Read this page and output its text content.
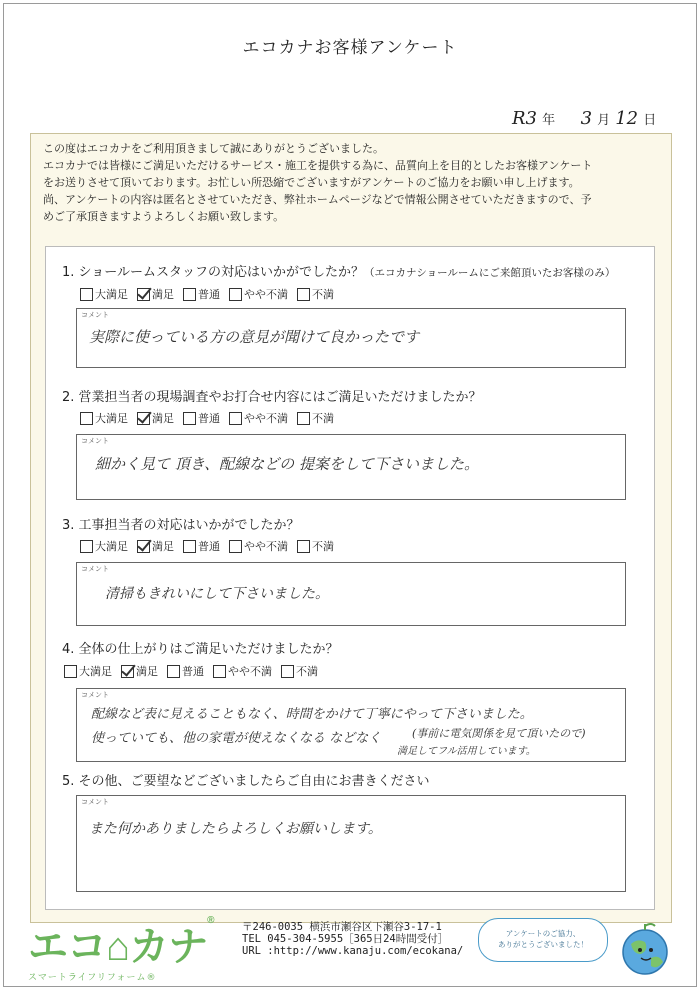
エコカナお客様アンケート
R3 年 3 月 12 日
この度はエコカナをご利用頂きまして誠にありがとうございました。
エコカナでは皆様にご満足いただけるサービス・施工を提供する為に、品質向上を目的としたお客様アンケート
をお送りさせて頂いております。お忙しい所恐縮でございますがアンケートのご協力をお願い申し上げます。
尚、アンケートの内容は匿名とさせていただき、弊社ホームページなどで情報公開させていただきますので、予
めご了承頂きますようよろしくお願い致します。
1. ショールームスタッフの対応はいかがでしたか？（エコカナショールームにご来館頂いたお客様のみ）
大満足 満足 普通 やや不満 不満
コメント
実際に使っている方の意見が聞けて良かったです
2. 営業担当者の現場調査やお打合せ内容にはご満足いただけましたか？
大満足 満足 普通 やや不満 不満
コメント
細かく見て 頂き、配線などの 提案をして下さいました。
3. 工事担当者の対応はいかがでしたか？
大満足 満足 普通 やや不満 不満
コメント
清掃もきれいにして下さいました。
4. 全体の仕上がりはご満足いただけましたか？
大満足 満足 普通 やや不満 不満
コメント
配線など表に見えることもなく、時間をかけて丁寧にやって下さいました。
使っていても、他の家電が使えなくなる などなく	(事前に電気関係を見て頂いたので)
満足してフル活用しています。
5. その他、ご要望などございましたらご自由にお書きください
コメント
また何かありましたらよろしくお願いします。
エコ⌂カナ®
スマートライフリフォーム®
〒246-0035 横浜市瀬谷区下瀬谷3-17-1
TEL 045-304-5955［365日24時間受付］
URL :http://www.kanaju.com/ecokana/
アンケートのご協力、
ありがとうございました！
